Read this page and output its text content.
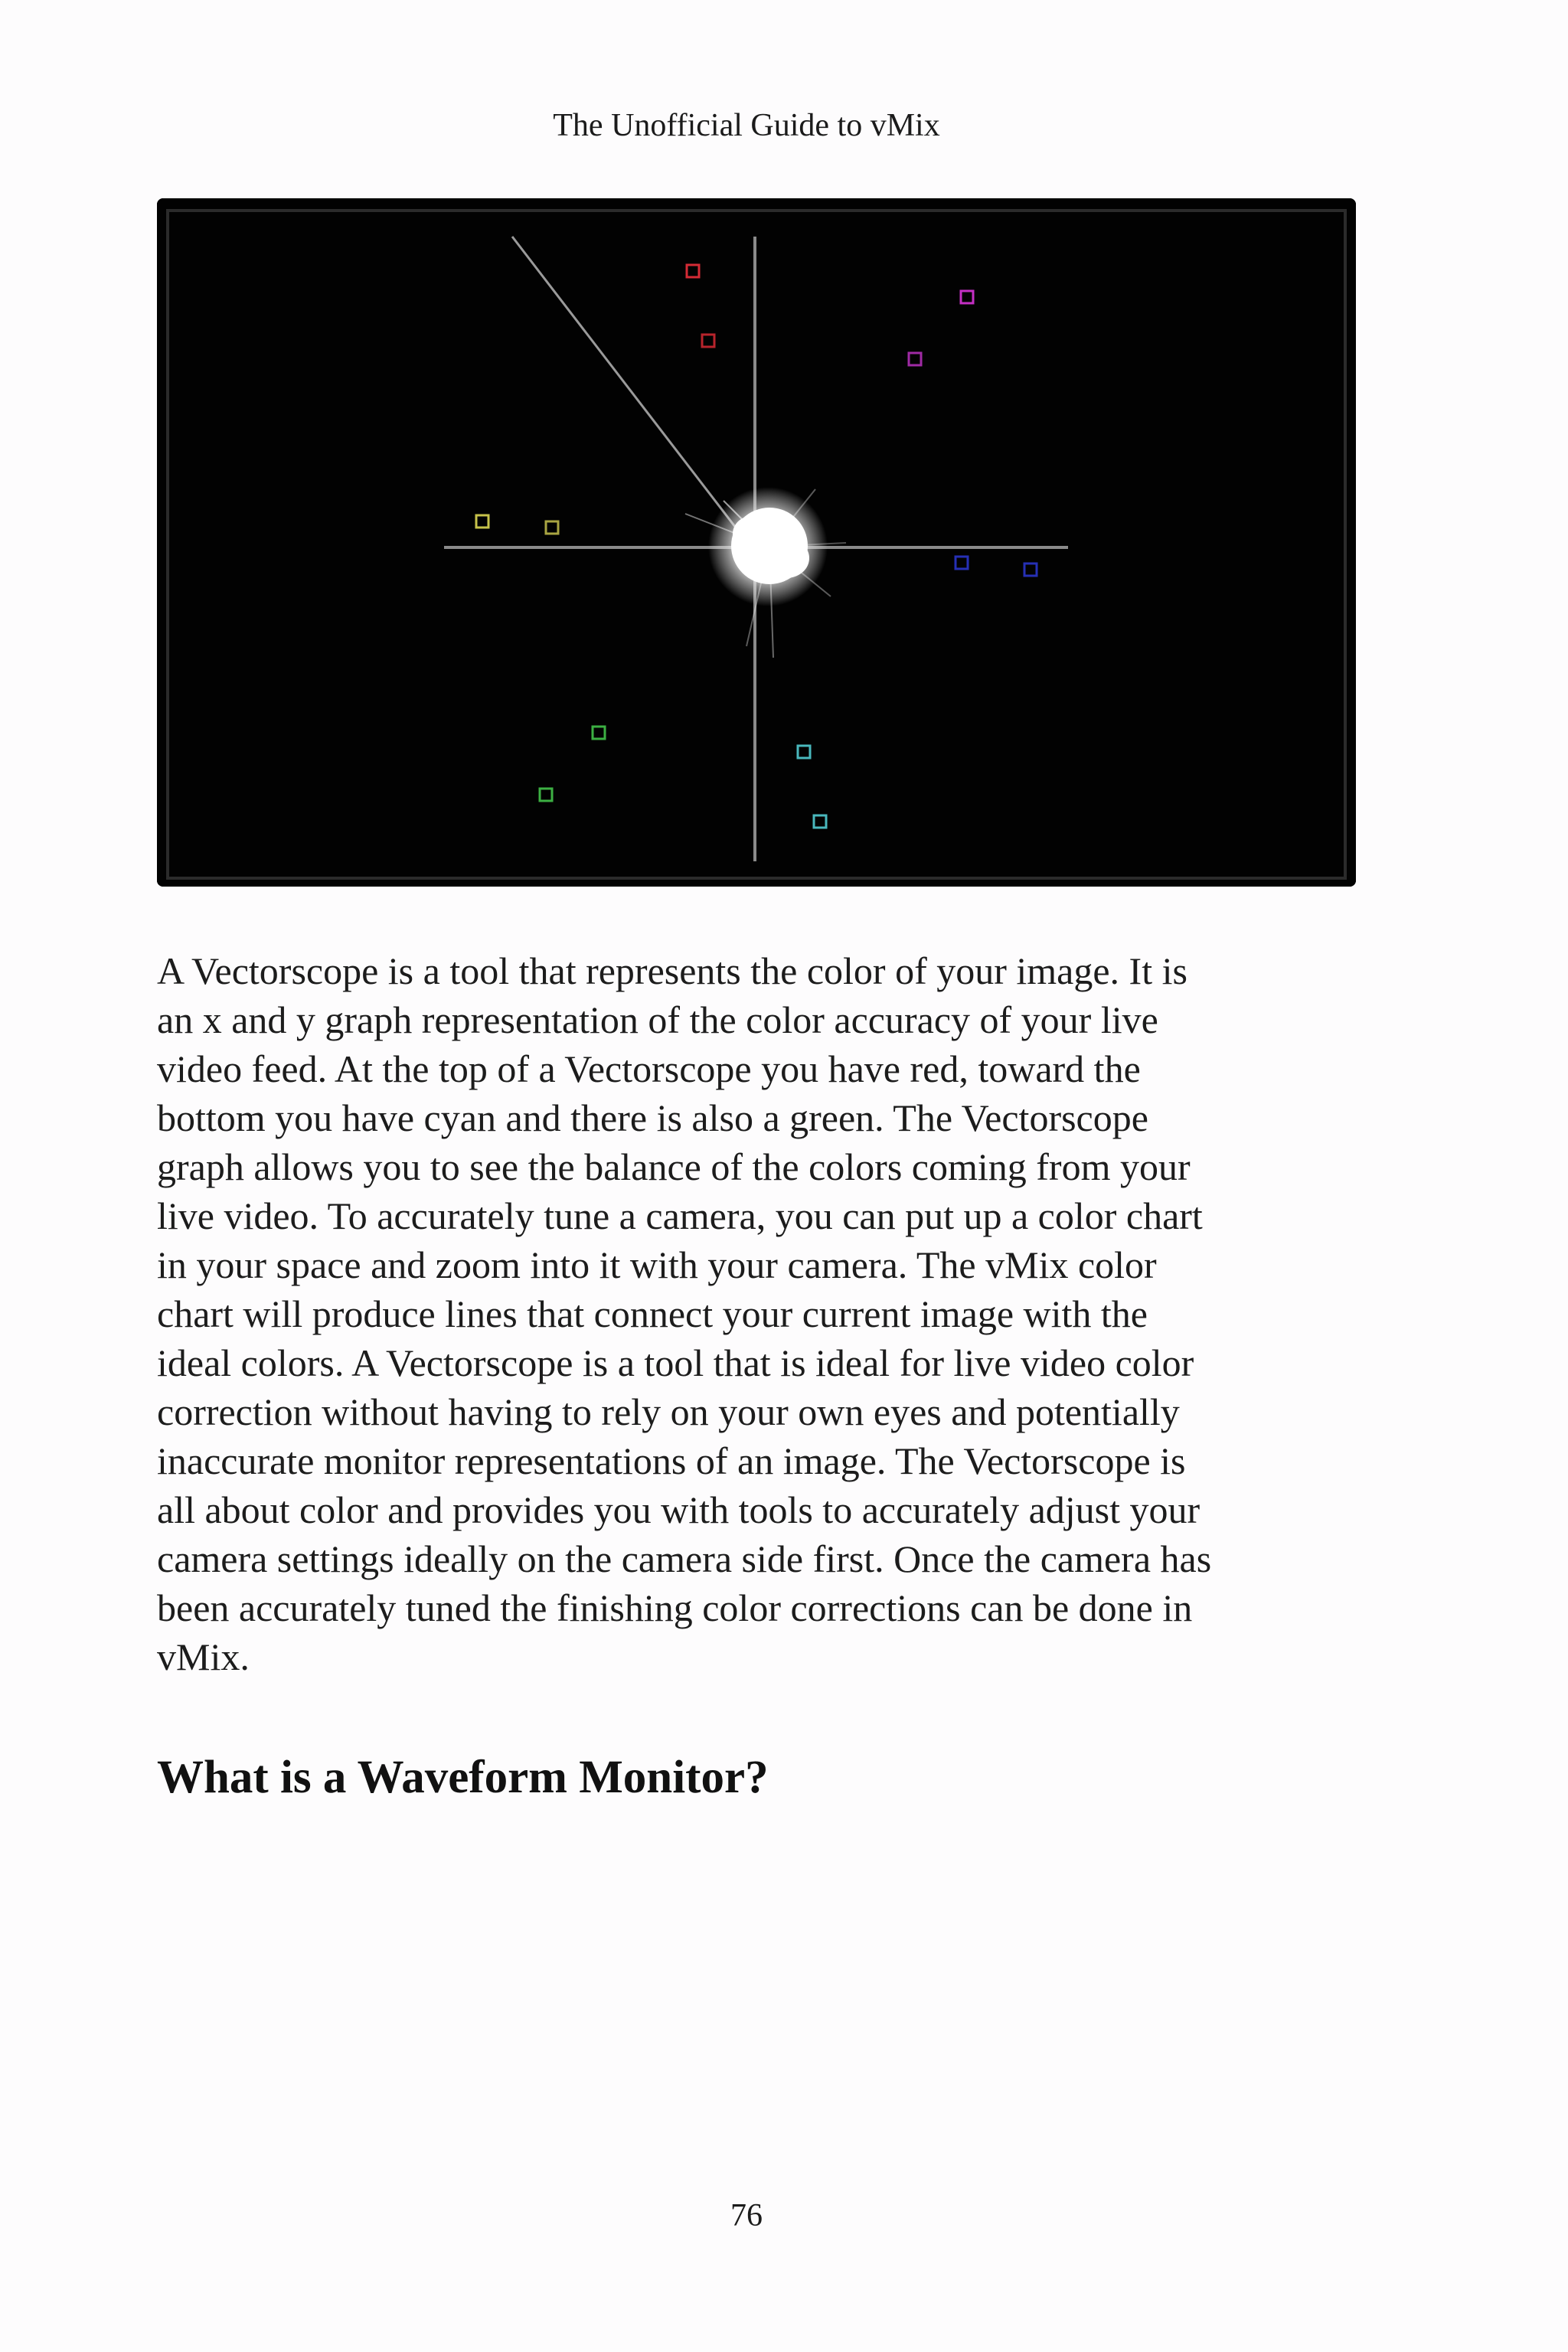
The Unofficial Guide to vMix

A Vectorscope is a tool that represents the color of your image. It is
an x and y graph representation of the color accuracy of your live
video feed. At the top of a Vectorscope you have red, toward the
bottom you have cyan and there is also a green. The Vectorscope
graph allows you to see the balance of the colors coming from your
live video. To accurately tune a camera, you can put up a color chart
in your space and zoom into it with your camera. The vMix color
chart will produce lines that connect your current image with the
ideal colors. A Vectorscope is a tool that is ideal for live video color
correction without having to rely on your own eyes and potentially
inaccurate monitor representations of an image. The Vectorscope is
all about color and provides you with tools to accurately adjust your
camera settings ideally on the camera side first. Once the camera has
been accurately tuned the finishing color corrections can be done in
vMix.

What is a Waveform Monitor?
76
